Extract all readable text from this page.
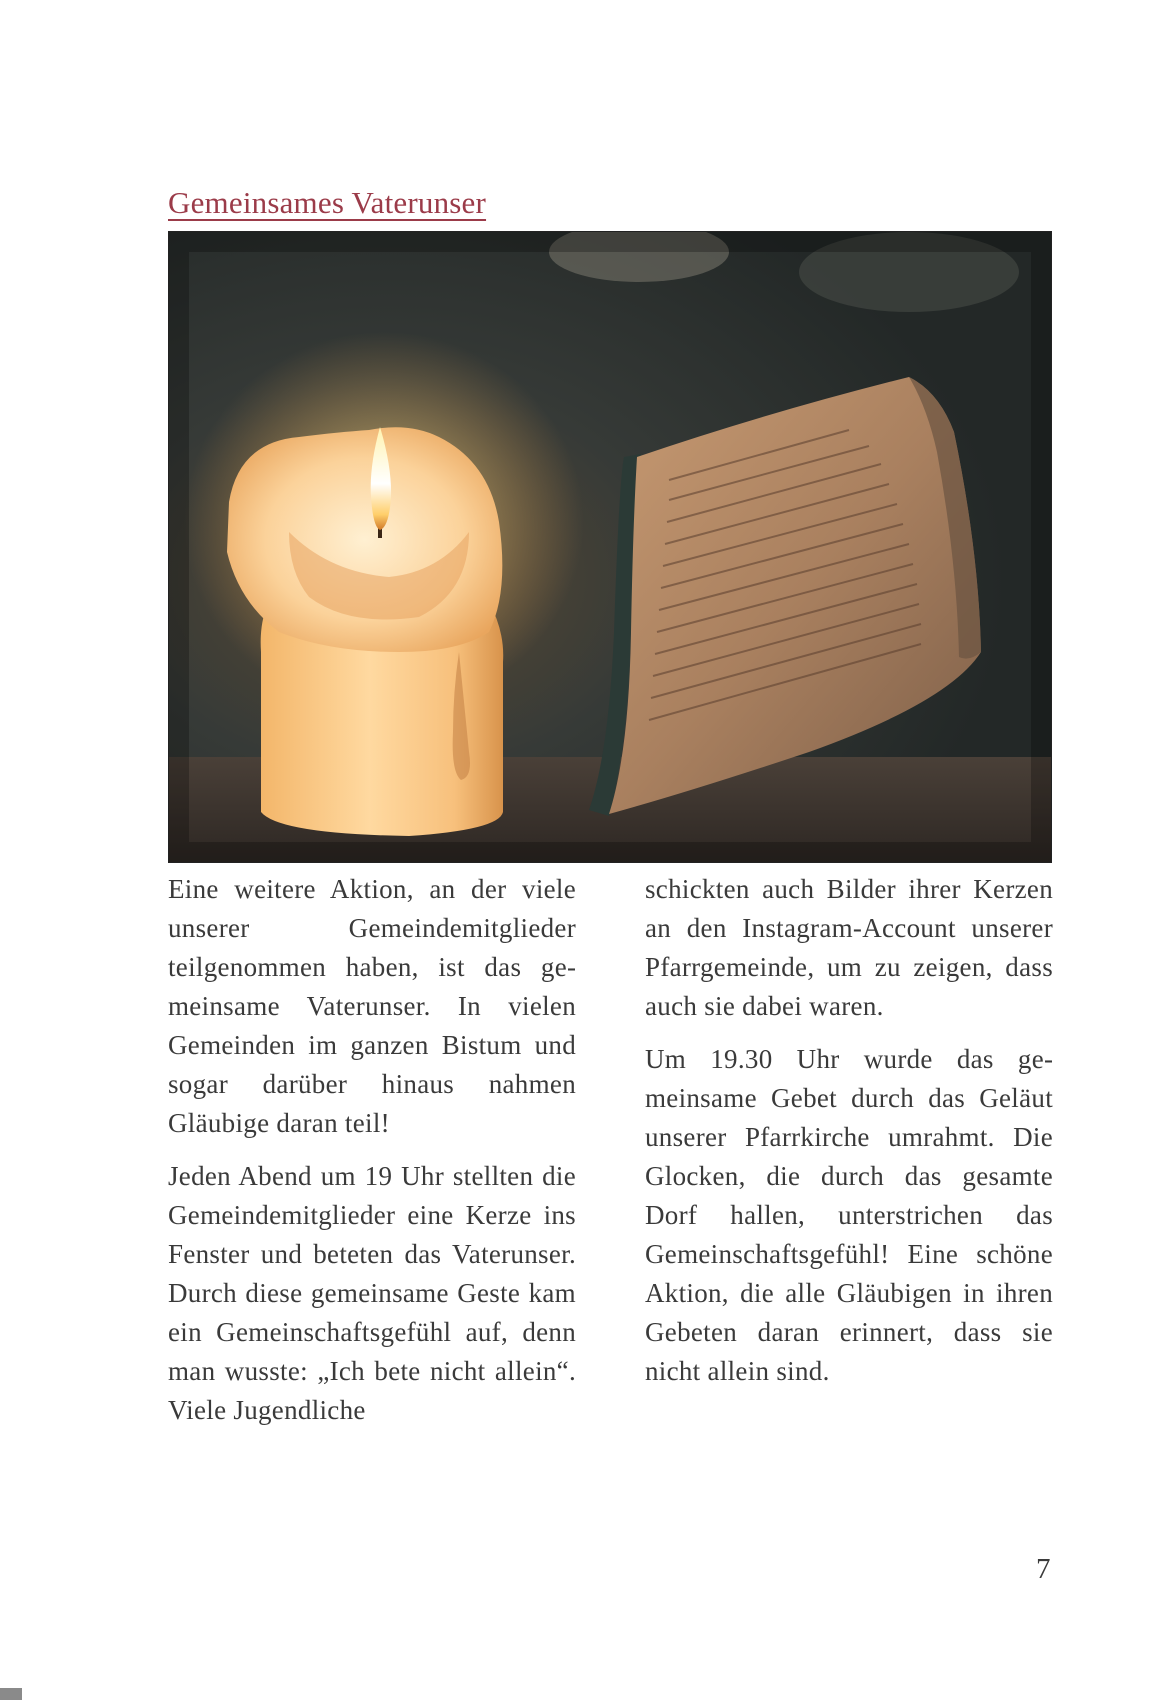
Gemeinsames Vaterunser

Eine weitere Aktion, an der viele unserer Gemeindemitglieder teilgenommen haben, ist das gemeinsame Vaterunser. In vielen Gemeinden im ganzen Bistum und sogar darüber hinaus nahmen Gläubige daran teil!

Jeden Abend um 19 Uhr stellten die Gemeindemitglieder eine Kerze ins Fenster und beteten das Vaterunser. Durch diese gemeinsame Geste kam ein Gemeinschaftsgefühl auf, denn man wusste: „Ich bete nicht allein“. Viele Jugendliche

schickten auch Bilder ihrer Kerzen an den Instagram-Account unserer Pfarrgemeinde, um zu zeigen, dass auch sie dabei waren.

Um 19.30 Uhr wurde das gemeinsame Gebet durch das Geläut unserer Pfarrkirche umrahmt. Die Glocken, die durch das gesamte Dorf hallen, unterstrichen das Gemeinschaftsgefühl! Eine schöne Aktion, die alle Gläubigen in ihren Gebeten daran erinnert, dass sie nicht allein sind.

7
